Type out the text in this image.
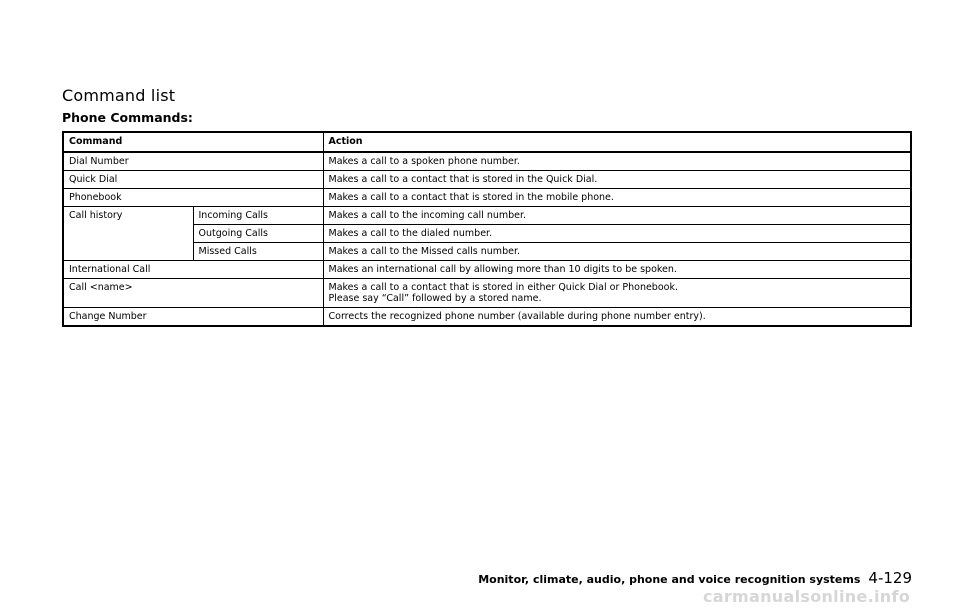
Command list
Phone Commands:
Command		Action
Dial Number		Makes a call to a spoken phone number.
Quick Dial		Makes a call to a contact that is stored in the Quick Dial.
Phonebook		Makes a call to a contact that is stored in the mobile phone.
Call history	Incoming Calls	Makes a call to the incoming call number.
	Outgoing Calls	Makes a call to the dialed number.
	Missed Calls	Makes a call to the Missed calls number.
International Call		Makes an international call by allowing more than 10 digits to be spoken.
Call <name>		Makes a call to a contact that is stored in either Quick Dial or Phonebook.
Please say “Call” followed by a stored name.
Change Number		Corrects the recognized phone number (available during phone number entry).
Monitor, climate, audio, phone and voice recognition systems 4-129
carmanualsonline.info
